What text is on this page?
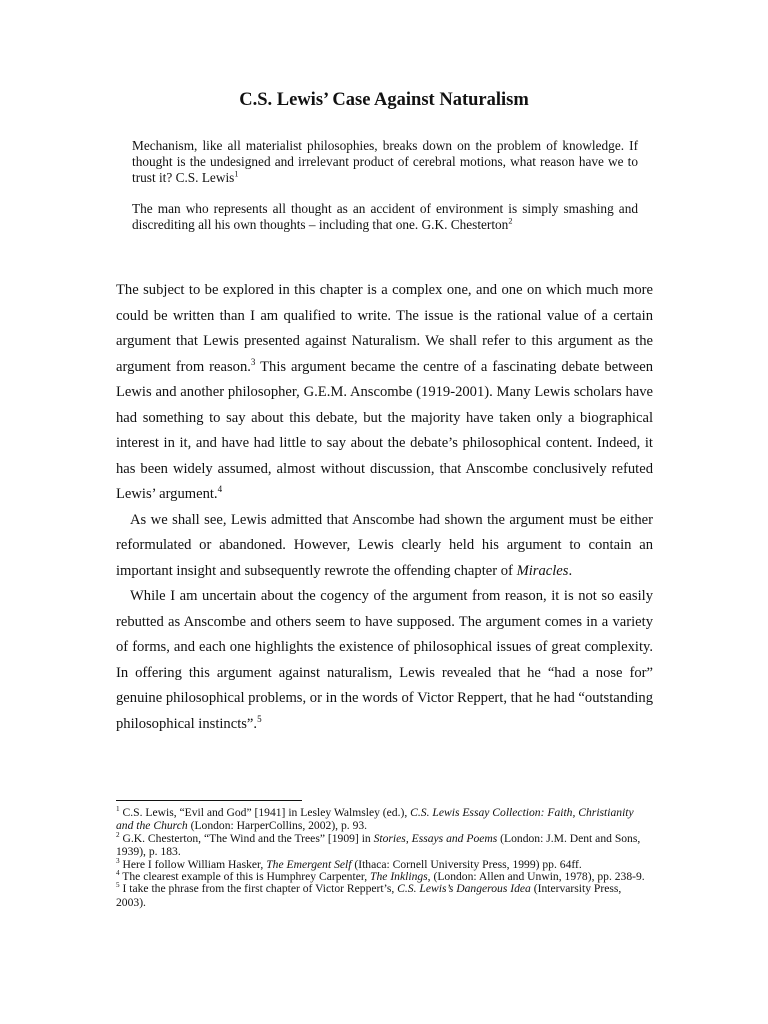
C.S. Lewis’ Case Against Naturalism

Mechanism, like all materialist philosophies, breaks down on the problem of knowledge. If thought is the undesigned and irrelevant product of cerebral motions, what reason have we to trust it? C.S. Lewis$^1$

The man who represents all thought as an accident of environment is simply smashing and discrediting all his own thoughts – including that one. G.K. Chesterton$^2$

The subject to be explored in this chapter is a complex one, and one on which much more could be written than I am qualified to write. The issue is the rational value of a certain argument that Lewis presented against Naturalism. We shall refer to this argument as the argument from reason.$^3$ This argument became the centre of a fascinating debate between Lewis and another philosopher, G.E.M. Anscombe (1919-2001). Many Lewis scholars have had something to say about this debate, but the majority have taken only a biographical interest in it, and have had little to say about the debate’s philosophical content. Indeed, it has been widely assumed, almost without discussion, that Anscombe conclusively refuted Lewis’ argument.$^4$

As we shall see, Lewis admitted that Anscombe had shown the argument must be either reformulated or abandoned. However, Lewis clearly held his argument to contain an important insight and subsequently rewrote the offending chapter of Miracles.

While I am uncertain about the cogency of the argument from reason, it is not so easily rebutted as Anscombe and others seem to have supposed. The argument comes in a variety of forms, and each one highlights the existence of philosophical issues of great complexity. In offering this argument against naturalism, Lewis revealed that he “had a nose for” genuine philosophical problems, or in the words of Victor Reppert, that he had “outstanding philosophical instincts”.$^5$

$^1$ C.S. Lewis, “Evil and God” [1941] in Lesley Walmsley (ed.), C.S. Lewis Essay Collection: Faith, Christianity and the Church (London: HarperCollins, 2002), p. 93.

$^2$ G.K. Chesterton, “The Wind and the Trees” [1909] in Stories, Essays and Poems (London: J.M. Dent and Sons, 1939), p. 183.

$^3$ Here I follow William Hasker, The Emergent Self (Ithaca: Cornell University Press, 1999) pp. 64ff.

$^4$ The clearest example of this is Humphrey Carpenter, The Inklings, (London: Allen and Unwin, 1978), pp. 238-9.

$^5$ I take the phrase from the first chapter of Victor Reppert’s, C.S. Lewis’s Dangerous Idea (Intervarsity Press, 2003).
